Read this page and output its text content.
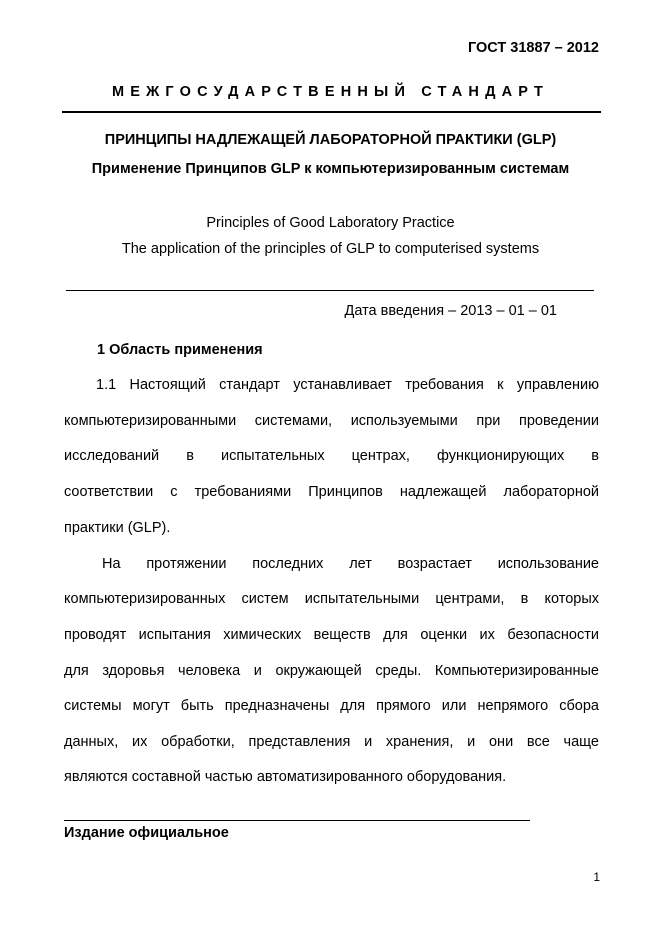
ГОСТ 31887 – 2012
МЕЖГОСУДАРСТВЕННЫЙ СТАНДАРТ
ПРИНЦИПЫ НАДЛЕЖАЩЕЙ ЛАБОРАТОРНОЙ ПРАКТИКИ (GLP)
Применение Принципов GLP к компьютеризированным системам
Principles of Good Laboratory Practice
The application of the principles of GLP to computerised systems
Дата введения – 2013 – 01 – 01
1 Область применения
1.1 Настоящий стандарт устанавливает требования к управлению
компьютеризированными системами, используемыми при проведении
исследований в испытательных центрах, функционирующих в
соответствии с требованиями Принципов надлежащей лабораторной
практики (GLP).
На протяжении последних лет возрастает использование
компьютеризированных систем испытательными центрами, в которых
проводят испытания химических веществ для оценки их безопасности
для здоровья человека и окружающей среды. Компьютеризированные
системы могут быть предназначены для прямого или непрямого сбора
данных, их обработки, представления и хранения, и они все чаще
являются составной частью автоматизированного оборудования.
Издание официальное
1
